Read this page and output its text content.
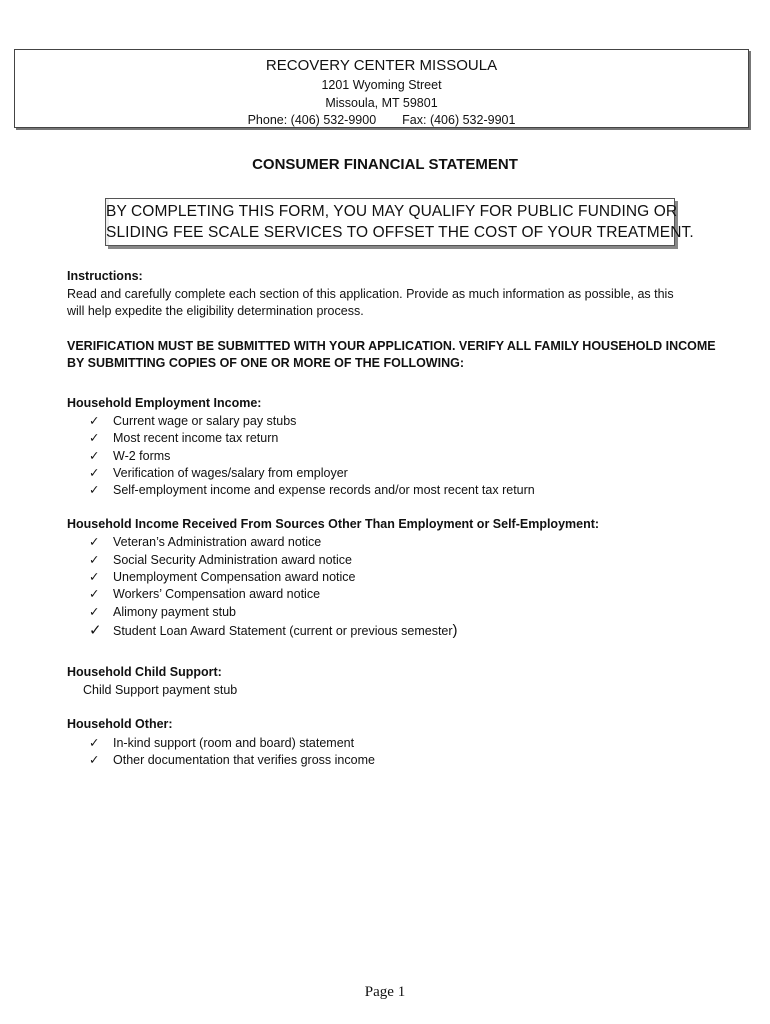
RECOVERY CENTER MISSOULA
1201 Wyoming Street
Missoula, MT 59801
Phone: (406) 532-9900 Fax: (406) 532-9901
CONSUMER FINANCIAL STATEMENT
BY COMPLETING THIS FORM, YOU MAY QUALIFY FOR PUBLIC FUNDING OR
SLIDING FEE SCALE SERVICES TO OFFSET THE COST OF YOUR TREATMENT.
Instructions:
Read and carefully complete each section of this application. Provide as much information as possible, as this
will help expedite the eligibility determination process.
VERIFICATION MUST BE SUBMITTED WITH YOUR APPLICATION. VERIFY ALL FAMILY HOUSEHOLD INCOME
BY SUBMITTING COPIES OF ONE OR MORE OF THE FOLLOWING:
Household Employment Income:
✓ Current wage or salary pay stubs
✓ Most recent income tax return
✓ W-2 forms
✓ Verification of wages/salary from employer
✓ Self-employment income and expense records and/or most recent tax return
Household Income Received From Sources Other Than Employment or Self-Employment:
✓ Veteran’s Administration award notice
✓ Social Security Administration award notice
✓ Unemployment Compensation award notice
✓ Workers’ Compensation award notice
✓ Alimony payment stub
✓ Student Loan Award Statement (current or previous semester)
Household Child Support:
Child Support payment stub
Household Other:
✓ In-kind support (room and board) statement
✓ Other documentation that verifies gross income
Page 1
